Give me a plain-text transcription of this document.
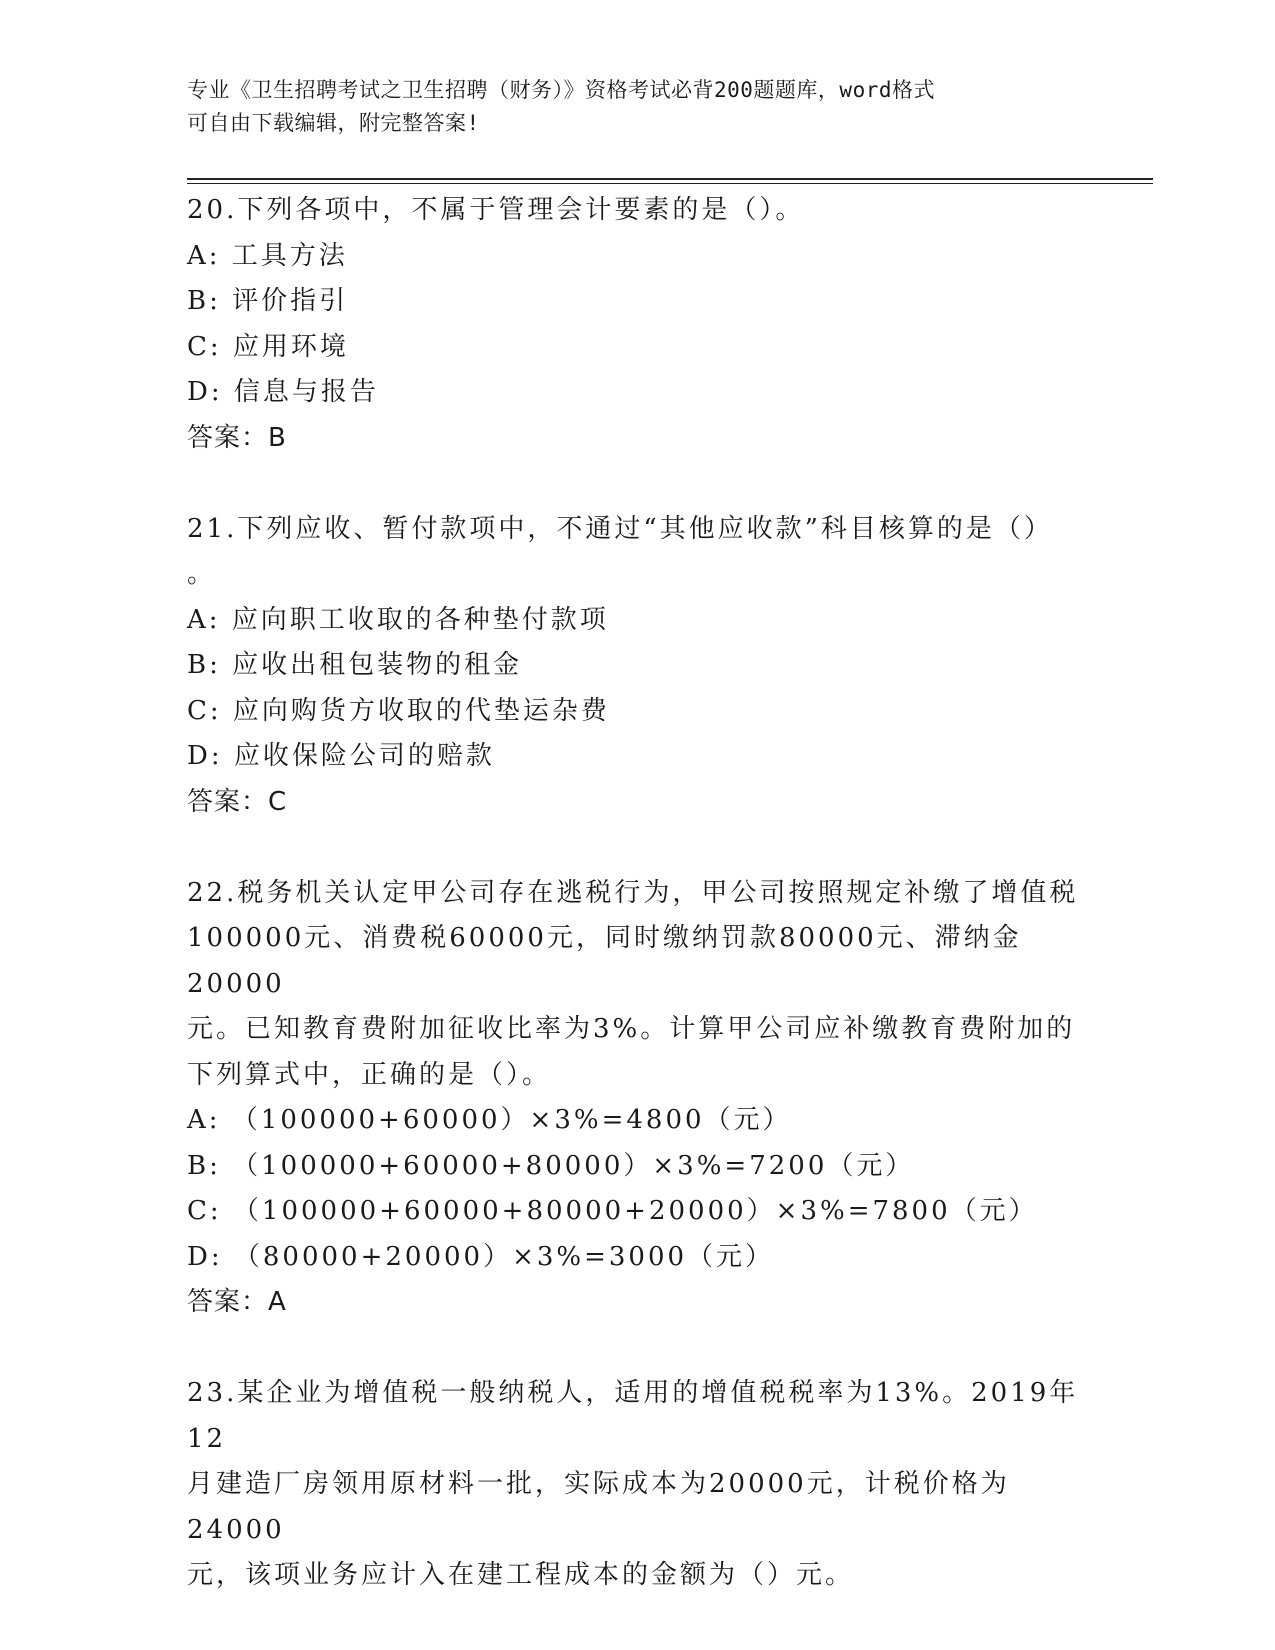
专业《卫生招聘考试之卫生招聘（财务）》资格考试必背200题题库，word格式
可自由下载编辑，附完整答案!

20.下列各项中，不属于管理会计要素的是（）。

A: 工具方法

B: 评价指引

C: 应用环境

D: 信息与报告

答案：B

21.下列应收、暂付款项中，不通过“其他应收款”科目核算的是（）

。

A: 应向职工收取的各种垫付款项

B: 应收出租包装物的租金

C: 应向购货方收取的代垫运杂费

D: 应收保险公司的赔款

答案：C

22.税务机关认定甲公司存在逃税行为，甲公司按照规定补缴了增值税

100000元、消费税60000元，同时缴纳罚款80000元、滞纳金20000

元。已知教育费附加征收比率为3%。计算甲公司应补缴教育费附加的

下列算式中，正确的是（）。

A: （100000+60000）×3%=4800（元）

B: （100000+60000+80000）×3%=7200（元）

C: （100000+60000+80000+20000）×3%=7800（元）

D: （80000+20000）×3%=3000（元）

答案：A

23.某企业为增值税一般纳税人，适用的增值税税率为13%。2019年12

月建造厂房领用原材料一批，实际成本为20000元，计税价格为24000

元，该项业务应计入在建工程成本的金额为（）元。
